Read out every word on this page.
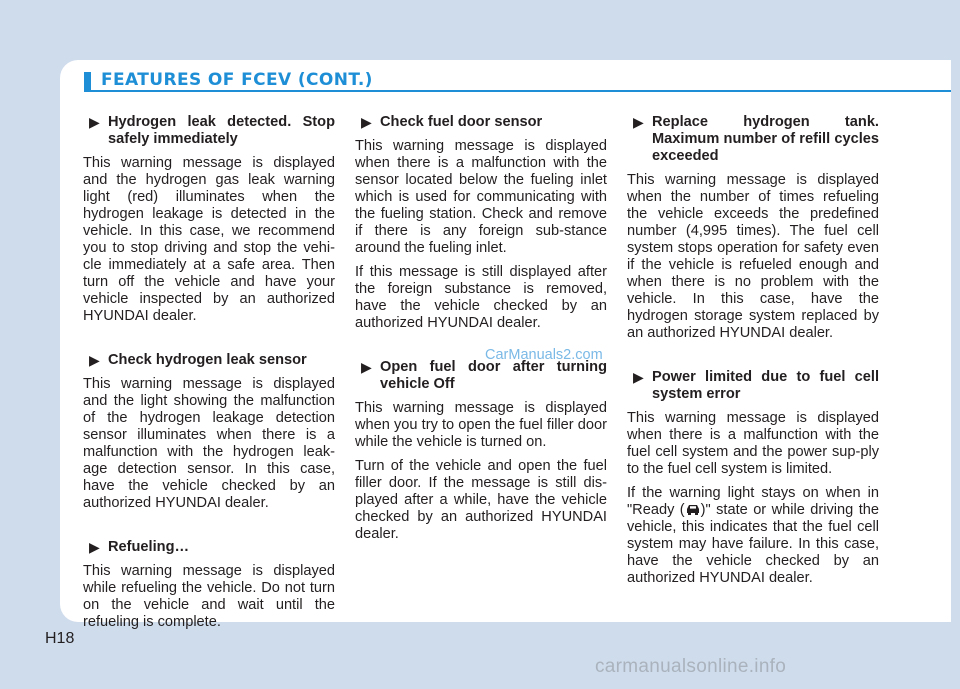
FEATURES OF FCEV (CONT.)
▶ Hydrogen leak detected. Stop safely immediately

This warning message is displayed and the hydrogen gas leak warning light (red) illuminates when the hydrogen leakage is detected in the vehicle. In this case, we recommend you to stop driving and stop the vehi-cle immediately at a safe area. Then turn off the vehicle and have your vehicle inspected by an authorized HYUNDAI dealer.

▶ Check hydrogen leak sensor

This warning message is displayed and the light showing the malfunction of the hydrogen leakage detection sensor illuminates when there is a malfunction with the hydrogen leak-age detection sensor. In this case, have the vehicle checked by an authorized HYUNDAI dealer.

▶ Refueling…

This warning message is displayed while refueling the vehicle. Do not turn on the vehicle and wait until the refueling is complete.

▶ Check fuel door sensor

This warning message is displayed when there is a malfunction with the sensor located below the fueling inlet which is used for communicating with the fueling station. Check and remove if there is any foreign sub-stance around the fueling inlet.

If this message is still displayed after the foreign substance is removed, have the vehicle checked by an authorized HYUNDAI dealer.

▶ Open fuel door after turning vehicle Off

This warning message is displayed when you try to open the fuel filler door while the vehicle is turned on.

Turn of the vehicle and open the fuel filler door. If the message is still dis-played after a while, have the vehicle checked by an authorized HYUNDAI dealer.

▶ Replace hydrogen tank. Maximum number of refill cycles exceeded

This warning message is displayed when the number of times refueling the vehicle exceeds the predefined number (4,995 times). The fuel cell system stops operation for safety even if the vehicle is refueled enough and when there is no problem with the vehicle. In this case, have the hydrogen storage system replaced by an authorized HYUNDAI dealer.

▶ Power limited due to fuel cell system error

This warning message is displayed when there is a malfunction with the fuel cell system and the power sup-ply to the fuel cell system is limited.

If the warning light stays on when in "Ready ( )" state or while driving the vehicle, this indicates that the fuel cell system may have failure. In this case, have the vehicle checked by an authorized HYUNDAI dealer.

CarManuals2.com
H18
carmanualsonline.info
